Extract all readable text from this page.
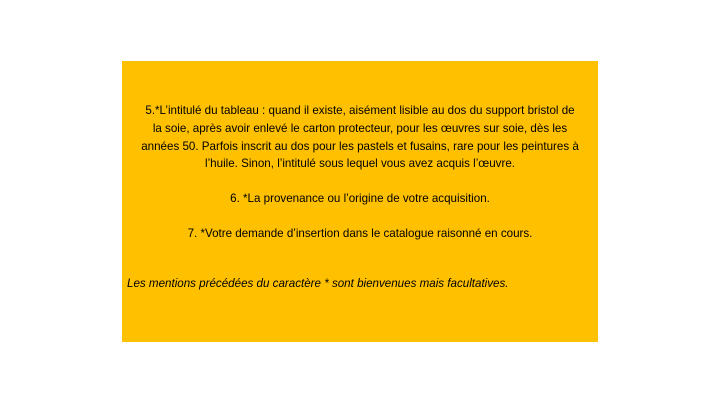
5.*L’intitulé du tableau : quand il existe, aisément lisible au dos du support bristol de

la soie, après avoir enlevé le carton protecteur, pour les œuvres sur soie, dès les

années 50. Parfois inscrit au dos pour les pastels et fusains, rare pour les peintures à

l’huile. Sinon, l’intitulé sous lequel vous avez acquis l’œuvre.

6. *La provenance ou l’origine de votre acquisition.

7. *Votre demande d’insertion dans le catalogue raisonné en cours.

Les mentions précédées du caractère * sont bienvenues mais facultatives.
